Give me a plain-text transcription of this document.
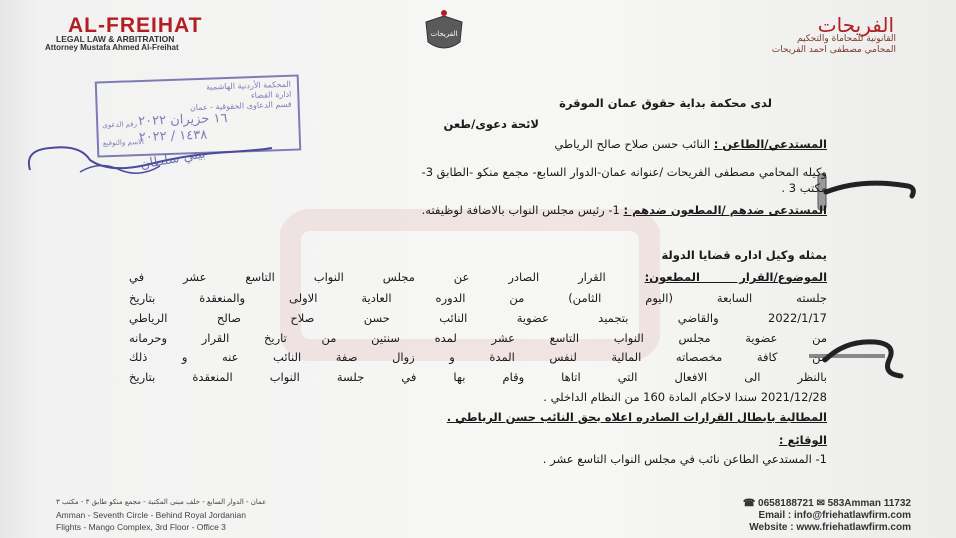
AL-FREIHAT
LEGAL LAW & ARBITRATION
Attorney Mustafa Ahmed Al-Freihat
الفريحات	الفريحات
القانونية للمحاماة والتحكيم
المحامي مصطفى احمد الفريحات
المحكمة الأردنية الهاشمية
ادارة القضاء
قسم الدعاوى الحقوقية - عمان
١٦ حزيران ٢٠٢٢
١٤٣٨ / ٢٠٢٢
رقم الدعوى
الاسم والتوقيع
لدى محكمة بداية حقوق عمان الموقرة
لائحة دعوى/طعن
المستدعي/الطاعن : النائب حسن صلاح صالح الرياطي
وكيله المحامي مصطفى الفريحات /عنوانه عمان-الدوار السابع- مجمع منكو -الطابق 3-
مكتب 3 .
المستدعى ضدهم /المطعون ضدهم : 1- رئيس مجلس النواب بالاضافة لوظيفته.
يمثله وكيل اداره قضايا الدولة
الموضوع/القرار المطعون: القرار الصادر عن مجلس النواب التاسع عشر في
جلسته السابعة (اليوم الثامن) من الدوره العادية الاولى والمنعقدة بتاريخ
2022/1/17 والقاضي بتجميد عضوية النائب حسن صلاح صالح الرياطي
من عضوية مجلس النواب التاسع عشر لمده سنتين من تاريخ القرار وحرمانه
من كافة مخصصاته المالية لنفس المدة و زوال صفة النائب عنه و ذلك
بالنظر الى الافعال التي اتاها وقام بها في جلسة النواب المنعقدة بتاريخ
2021/12/28 سندا لاحكام المادة 160 من النظام الداخلي .
المطالبة بابطال القرارات الصادره اعلاه بحق النائب حسن الرياطي .
الوقائع :
1- المستدعي الطاعن نائب في مجلس النواب التاسع عشر .
عمان - الدوار السابع - خلف مبنى المكتبة - مجمع منكو طابق ٣ - مكتب ٣
Amman - Seventh Circle - Behind Royal Jordanian
Flights - Mango Complex, 3rd Floor - Office 3
☎ 0658188721 ✉ 583Amman 11732
Email : info@friehatlawfirm.com
Website : www.friehatlawfirm.com
بيني سلطان
